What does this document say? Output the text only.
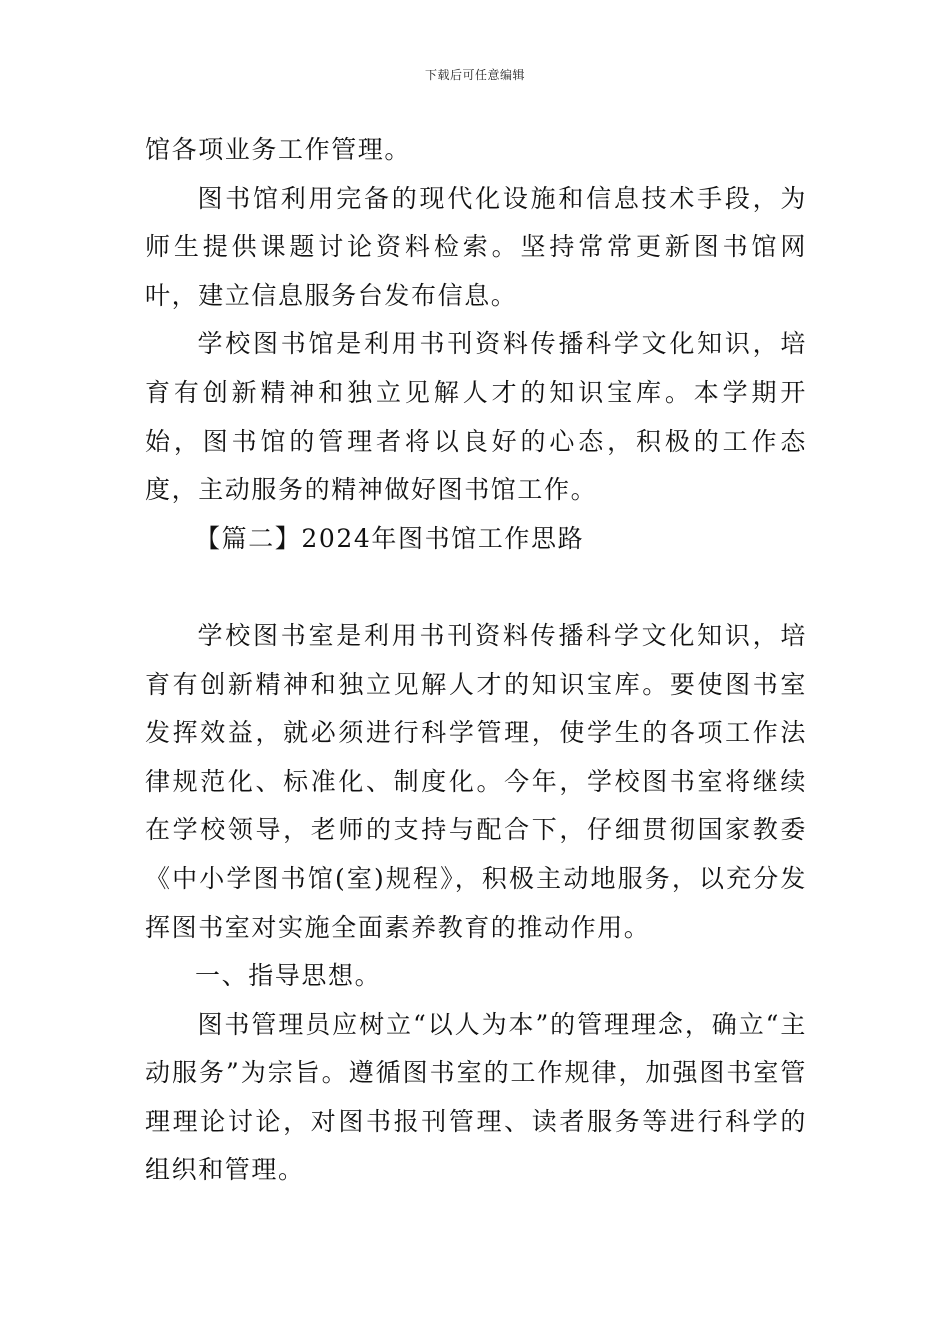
下载后可任意编辑

馆各项业务工作管理。

图书馆利用完备的现代化设施和信息技术手段，为师生提供课题讨论资料检索。坚持常常更新图书馆网叶，建立信息服务台发布信息。

学校图书馆是利用书刊资料传播科学文化知识，培育有创新精神和独立见解人才的知识宝库。本学期开始，图书馆的管理者将以良好的心态，积极的工作态度，主动服务的精神做好图书馆工作。

【篇二】2024年图书馆工作思路

学校图书室是利用书刊资料传播科学文化知识，培育有创新精神和独立见解人才的知识宝库。要使图书室发挥效益，就必须进行科学管理，使学生的各项工作法律规范化、标准化、制度化。今年，学校图书室将继续在学校领导，老师的支持与配合下，仔细贯彻国家教委《中小学图书馆(室)规程》，积极主动地服务，以充分发挥图书室对实施全面素养教育的推动作用。

一、指导思想。

图书管理员应树立“以人为本”的管理理念，确立“主动服务”为宗旨。遵循图书室的工作规律，加强图书室管理理论讨论，对图书报刊管理、读者服务等进行科学的组织和管理。
